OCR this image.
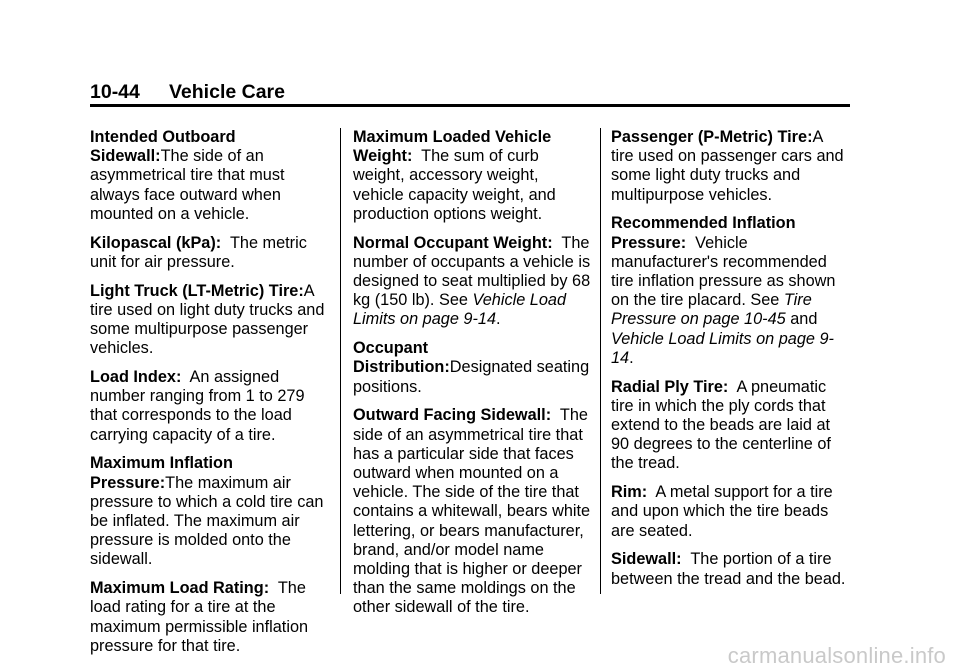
10-44 Vehicle Care

Intended Outboard Sidewall:The side of an asymmetrical tire that must always face outward when mounted on a vehicle.

Kilopascal (kPa):  The metric unit for air pressure.

Light Truck (LT-Metric) Tire:A tire used on light duty trucks and some multipurpose passenger vehicles.

Load Index:  An assigned number ranging from 1 to 279 that corresponds to the load carrying capacity of a tire.

Maximum Inflation Pressure:The maximum air pressure to which a cold tire can be inflated. The maximum air pressure is molded onto the sidewall.

Maximum Load Rating:  The load rating for a tire at the maximum permissible inflation pressure for that tire.

Maximum Loaded Vehicle Weight:  The sum of curb weight, accessory weight, vehicle capacity weight, and production options weight.

Normal Occupant Weight:  The number of occupants a vehicle is designed to seat multiplied by 68 kg (150 lb). See Vehicle Load Limits on page 9-14.

Occupant Distribution:Designated seating positions.

Outward Facing Sidewall:  The side of an asymmetrical tire that has a particular side that faces outward when mounted on a vehicle. The side of the tire that contains a whitewall, bears white lettering, or bears manufacturer, brand, and/or model name molding that is higher or deeper than the same moldings on the other sidewall of the tire.

Passenger (P-Metric) Tire:A tire used on passenger cars and some light duty trucks and multipurpose vehicles.

Recommended Inflation Pressure:  Vehicle manufacturer's recommended tire inflation pressure as shown on the tire placard. See Tire Pressure on page 10-45 and Vehicle Load Limits on page 9-14.

Radial Ply Tire:  A pneumatic tire in which the ply cords that extend to the beads are laid at 90 degrees to the centerline of the tread.

Rim:  A metal support for a tire and upon which the tire beads are seated.

Sidewall:  The portion of a tire between the tread and the bead.

carmanualsonline.info
